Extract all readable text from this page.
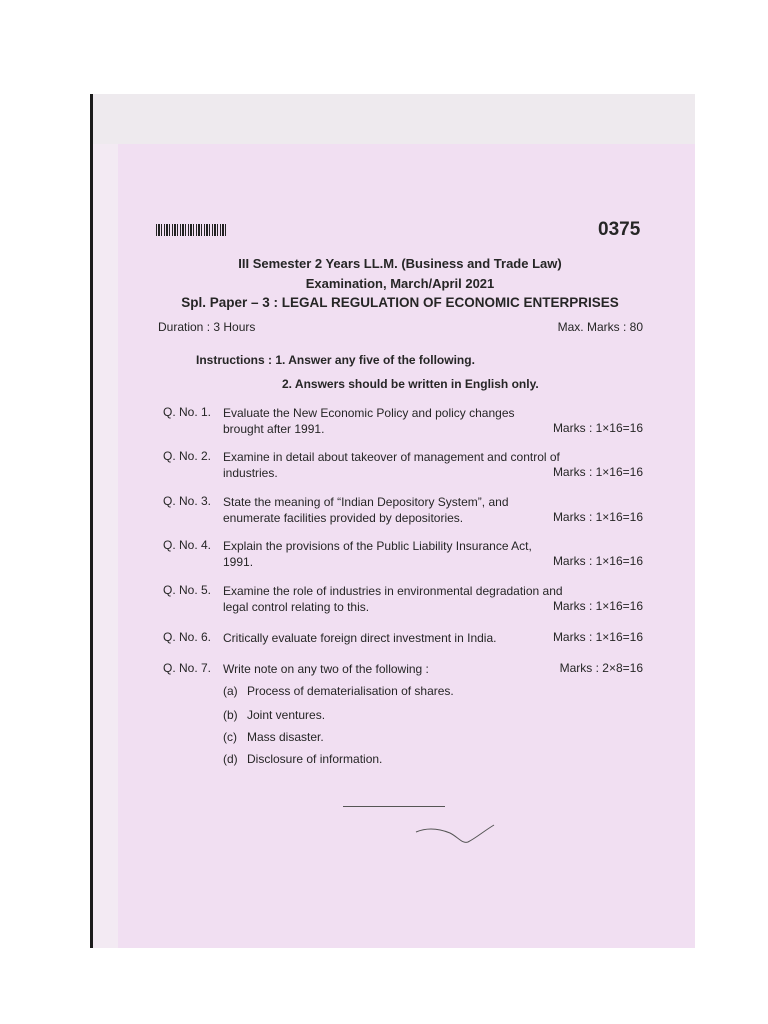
0375
III Semester 2 Years LL.M. (Business and Trade Law)
Examination, March/April 2021
Spl. Paper – 3 : LEGAL REGULATION OF ECONOMIC ENTERPRISES
Duration : 3 Hours	Max. Marks : 80
Instructions : 1. Answer any five of the following.
2. Answers should be written in English only.
Q. No. 1. Evaluate the New Economic Policy and policy changes brought after 1991.	Marks : 1×16=16
Q. No. 2. Examine in detail about takeover of management and control of industries.	Marks : 1×16=16
Q. No. 3. State the meaning of “Indian Depository System”, and enumerate facilities provided by depositories.	Marks : 1×16=16
Q. No. 4. Explain the provisions of the Public Liability Insurance Act, 1991.	Marks : 1×16=16
Q. No. 5. Examine the role of industries in environmental degradation and legal control relating to this.	Marks : 1×16=16
Q. No. 6. Critically evaluate foreign direct investment in India.	Marks : 1×16=16
Q. No. 7. Write note on any two of the following :	Marks : 2×8=16
(a) Process of dematerialisation of shares.
(b) Joint ventures.
(c) Mass disaster.
(d) Disclosure of information.
